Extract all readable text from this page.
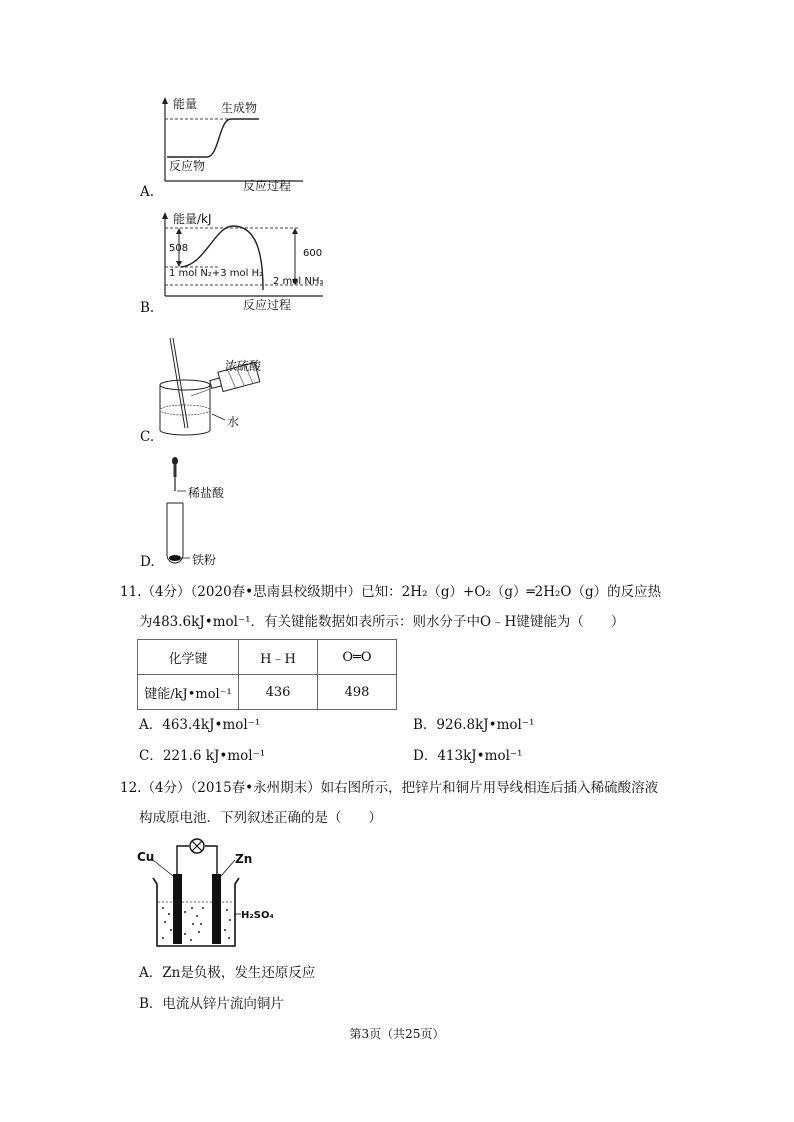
能量 生成物
反应物
反应过程
A.
能量/kJ
508	600
1 mol N₂+3 mol H₂
2 mol NH₃
反应过程
B.
浓硫酸
水
C.
稀盐酸
铁粉
D.
11.（4分）（2020春•思南县校级期中）已知：2H₂（g）+O₂（g）═2H₂O（g）的反应热
为483.6kJ•mol⁻¹．有关键能数据如表所示：则水分子中O﹣H键键能为（　　）
化学键	H﹣H	O═O
键能/kJ•mol⁻¹	436	498
A．463.4kJ•mol⁻¹	B．926.8kJ•mol⁻¹
C．221.6 kJ•mol⁻¹	D．413kJ•mol⁻¹
12.（4分）（2015春•永州期末）如右图所示，把锌片和铜片用导线相连后插入稀硫酸溶液
构成原电池．下列叙述正确的是（　　）
Cu	Zn
H₂SO₄
A．Zn是负极，发生还原反应
B．电流从锌片流向铜片
第3页（共25页）
